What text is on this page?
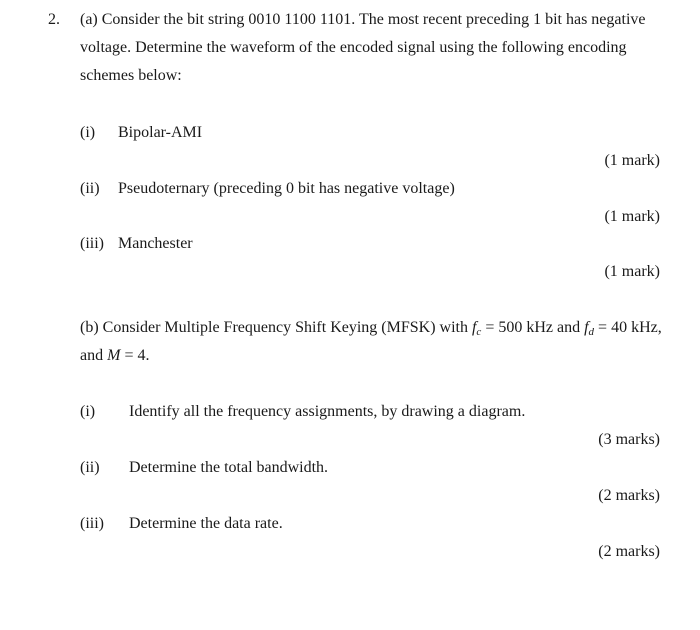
2. (a) Consider the bit string 0010 1100 1101. The most recent preceding 1 bit has negative
voltage. Determine the waveform of the encoded signal using the following encoding
schemes below:
(i) Bipolar-AMI
(1 mark)
(ii) Pseudoternary (preceding 0 bit has negative voltage)
(1 mark)
(iii) Manchester
(1 mark)
(b) Consider Multiple Frequency Shift Keying (MFSK) with $f_c = 500$ kHz and $f_d = 40$ kHz,
and M = 4.
(i) Identify all the frequency assignments, by drawing a diagram.
(3 marks)
(ii) Determine the total bandwidth.
(2 marks)
(iii) Determine the data rate.
(2 marks)
